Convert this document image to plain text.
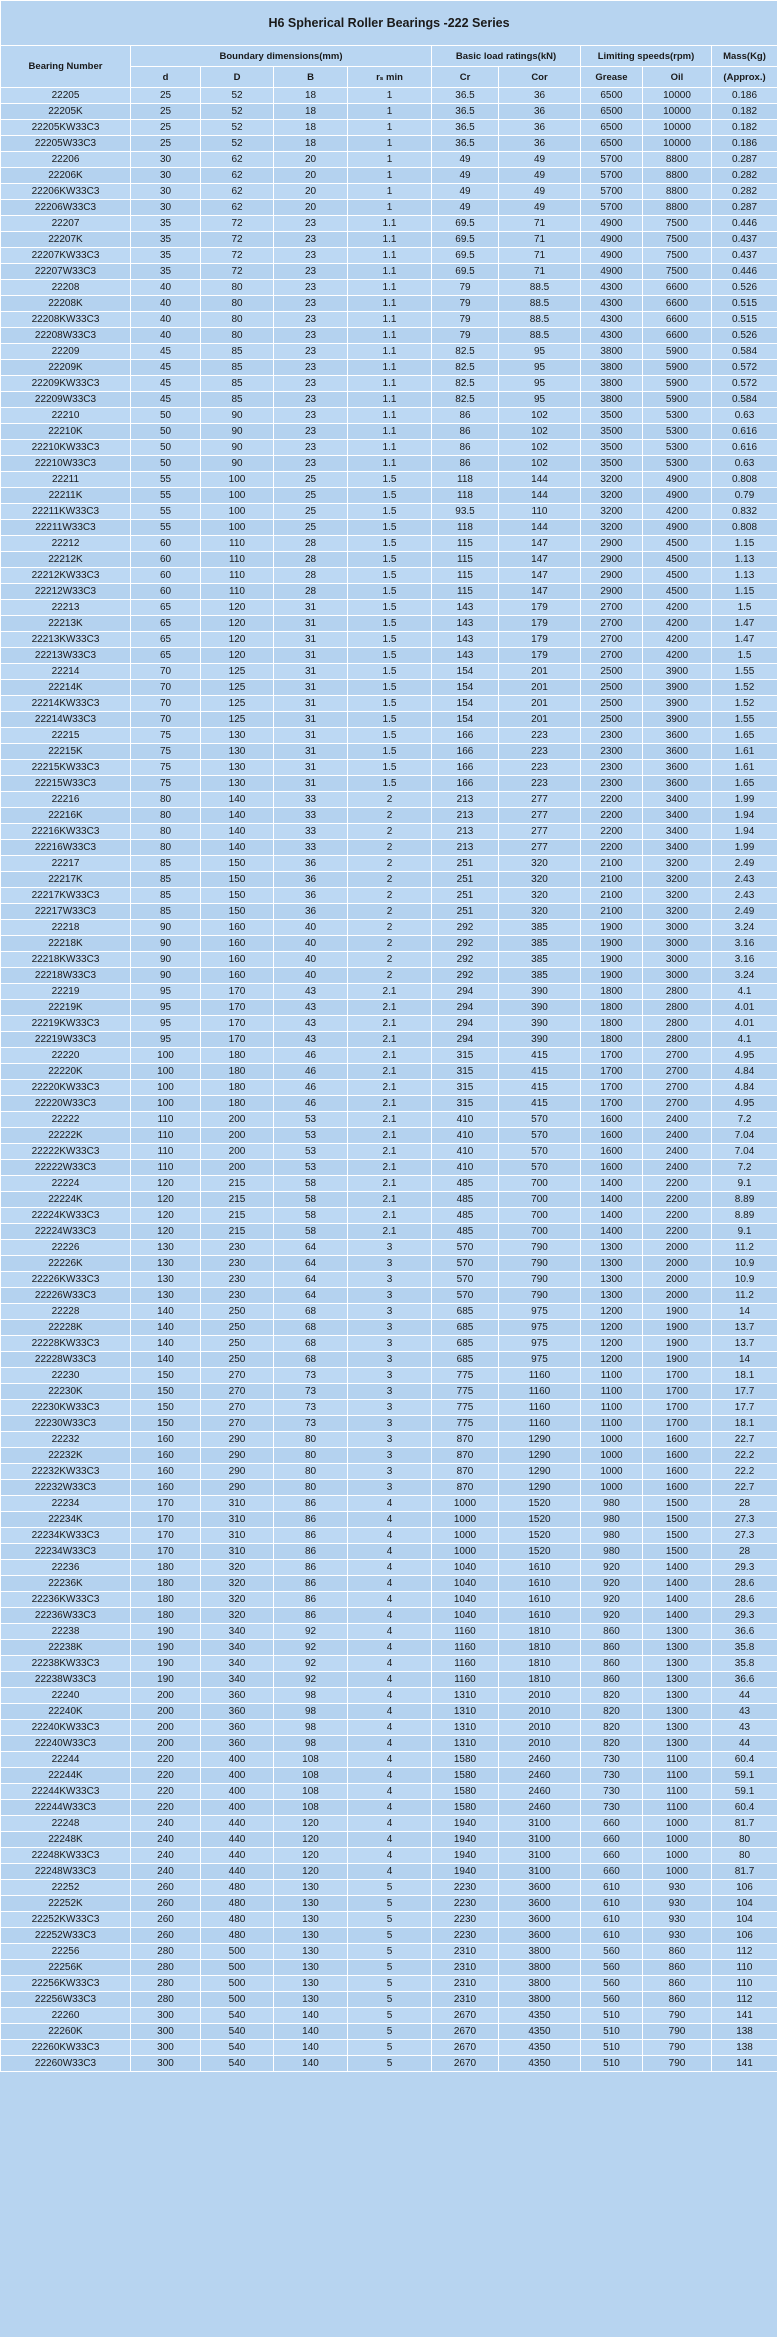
H6 Spherical Roller Bearings -222 Series									
Bearing Number	Boundary dimensions(mm)				Basic load ratings(kN)		Limiting speeds(rpm)		Mass(Kg)
	d	D	B	rₛ min	Cr	Cor	Grease	Oil	(Approx.)
22205	25	52	18	1	36.5	36	6500	10000	0.186
22205K	25	52	18	1	36.5	36	6500	10000	0.182
22205KW33C3	25	52	18	1	36.5	36	6500	10000	0.182
22205W33C3	25	52	18	1	36.5	36	6500	10000	0.186
22206	30	62	20	1	49	49	5700	8800	0.287
22206K	30	62	20	1	49	49	5700	8800	0.282
22206KW33C3	30	62	20	1	49	49	5700	8800	0.282
22206W33C3	30	62	20	1	49	49	5700	8800	0.287
22207	35	72	23	1.1	69.5	71	4900	7500	0.446
22207K	35	72	23	1.1	69.5	71	4900	7500	0.437
22207KW33C3	35	72	23	1.1	69.5	71	4900	7500	0.437
22207W33C3	35	72	23	1.1	69.5	71	4900	7500	0.446
22208	40	80	23	1.1	79	88.5	4300	6600	0.526
22208K	40	80	23	1.1	79	88.5	4300	6600	0.515
22208KW33C3	40	80	23	1.1	79	88.5	4300	6600	0.515
22208W33C3	40	80	23	1.1	79	88.5	4300	6600	0.526
22209	45	85	23	1.1	82.5	95	3800	5900	0.584
22209K	45	85	23	1.1	82.5	95	3800	5900	0.572
22209KW33C3	45	85	23	1.1	82.5	95	3800	5900	0.572
22209W33C3	45	85	23	1.1	82.5	95	3800	5900	0.584
22210	50	90	23	1.1	86	102	3500	5300	0.63
22210K	50	90	23	1.1	86	102	3500	5300	0.616
22210KW33C3	50	90	23	1.1	86	102	3500	5300	0.616
22210W33C3	50	90	23	1.1	86	102	3500	5300	0.63
22211	55	100	25	1.5	118	144	3200	4900	0.808
22211K	55	100	25	1.5	118	144	3200	4900	0.79
22211KW33C3	55	100	25	1.5	93.5	110	3200	4200	0.832
22211W33C3	55	100	25	1.5	118	144	3200	4900	0.808
22212	60	110	28	1.5	115	147	2900	4500	1.15
22212K	60	110	28	1.5	115	147	2900	4500	1.13
22212KW33C3	60	110	28	1.5	115	147	2900	4500	1.13
22212W33C3	60	110	28	1.5	115	147	2900	4500	1.15
22213	65	120	31	1.5	143	179	2700	4200	1.5
22213K	65	120	31	1.5	143	179	2700	4200	1.47
22213KW33C3	65	120	31	1.5	143	179	2700	4200	1.47
22213W33C3	65	120	31	1.5	143	179	2700	4200	1.5
22214	70	125	31	1.5	154	201	2500	3900	1.55
22214K	70	125	31	1.5	154	201	2500	3900	1.52
22214KW33C3	70	125	31	1.5	154	201	2500	3900	1.52
22214W33C3	70	125	31	1.5	154	201	2500	3900	1.55
22215	75	130	31	1.5	166	223	2300	3600	1.65
22215K	75	130	31	1.5	166	223	2300	3600	1.61
22215KW33C3	75	130	31	1.5	166	223	2300	3600	1.61
22215W33C3	75	130	31	1.5	166	223	2300	3600	1.65
22216	80	140	33	2	213	277	2200	3400	1.99
22216K	80	140	33	2	213	277	2200	3400	1.94
22216KW33C3	80	140	33	2	213	277	2200	3400	1.94
22216W33C3	80	140	33	2	213	277	2200	3400	1.99
22217	85	150	36	2	251	320	2100	3200	2.49
22217K	85	150	36	2	251	320	2100	3200	2.43
22217KW33C3	85	150	36	2	251	320	2100	3200	2.43
22217W33C3	85	150	36	2	251	320	2100	3200	2.49
22218	90	160	40	2	292	385	1900	3000	3.24
22218K	90	160	40	2	292	385	1900	3000	3.16
22218KW33C3	90	160	40	2	292	385	1900	3000	3.16
22218W33C3	90	160	40	2	292	385	1900	3000	3.24
22219	95	170	43	2.1	294	390	1800	2800	4.1
22219K	95	170	43	2.1	294	390	1800	2800	4.01
22219KW33C3	95	170	43	2.1	294	390	1800	2800	4.01
22219W33C3	95	170	43	2.1	294	390	1800	2800	4.1
22220	100	180	46	2.1	315	415	1700	2700	4.95
22220K	100	180	46	2.1	315	415	1700	2700	4.84
22220KW33C3	100	180	46	2.1	315	415	1700	2700	4.84
22220W33C3	100	180	46	2.1	315	415	1700	2700	4.95
22222	110	200	53	2.1	410	570	1600	2400	7.2
22222K	110	200	53	2.1	410	570	1600	2400	7.04
22222KW33C3	110	200	53	2.1	410	570	1600	2400	7.04
22222W33C3	110	200	53	2.1	410	570	1600	2400	7.2
22224	120	215	58	2.1	485	700	1400	2200	9.1
22224K	120	215	58	2.1	485	700	1400	2200	8.89
22224KW33C3	120	215	58	2.1	485	700	1400	2200	8.89
22224W33C3	120	215	58	2.1	485	700	1400	2200	9.1
22226	130	230	64	3	570	790	1300	2000	11.2
22226K	130	230	64	3	570	790	1300	2000	10.9
22226KW33C3	130	230	64	3	570	790	1300	2000	10.9
22226W33C3	130	230	64	3	570	790	1300	2000	11.2
22228	140	250	68	3	685	975	1200	1900	14
22228K	140	250	68	3	685	975	1200	1900	13.7
22228KW33C3	140	250	68	3	685	975	1200	1900	13.7
22228W33C3	140	250	68	3	685	975	1200	1900	14
22230	150	270	73	3	775	1160	1100	1700	18.1
22230K	150	270	73	3	775	1160	1100	1700	17.7
22230KW33C3	150	270	73	3	775	1160	1100	1700	17.7
22230W33C3	150	270	73	3	775	1160	1100	1700	18.1
22232	160	290	80	3	870	1290	1000	1600	22.7
22232K	160	290	80	3	870	1290	1000	1600	22.2
22232KW33C3	160	290	80	3	870	1290	1000	1600	22.2
22232W33C3	160	290	80	3	870	1290	1000	1600	22.7
22234	170	310	86	4	1000	1520	980	1500	28
22234K	170	310	86	4	1000	1520	980	1500	27.3
22234KW33C3	170	310	86	4	1000	1520	980	1500	27.3
22234W33C3	170	310	86	4	1000	1520	980	1500	28
22236	180	320	86	4	1040	1610	920	1400	29.3
22236K	180	320	86	4	1040	1610	920	1400	28.6
22236KW33C3	180	320	86	4	1040	1610	920	1400	28.6
22236W33C3	180	320	86	4	1040	1610	920	1400	29.3
22238	190	340	92	4	1160	1810	860	1300	36.6
22238K	190	340	92	4	1160	1810	860	1300	35.8
22238KW33C3	190	340	92	4	1160	1810	860	1300	35.8
22238W33C3	190	340	92	4	1160	1810	860	1300	36.6
22240	200	360	98	4	1310	2010	820	1300	44
22240K	200	360	98	4	1310	2010	820	1300	43
22240KW33C3	200	360	98	4	1310	2010	820	1300	43
22240W33C3	200	360	98	4	1310	2010	820	1300	44
22244	220	400	108	4	1580	2460	730	1100	60.4
22244K	220	400	108	4	1580	2460	730	1100	59.1
22244KW33C3	220	400	108	4	1580	2460	730	1100	59.1
22244W33C3	220	400	108	4	1580	2460	730	1100	60.4
22248	240	440	120	4	1940	3100	660	1000	81.7
22248K	240	440	120	4	1940	3100	660	1000	80
22248KW33C3	240	440	120	4	1940	3100	660	1000	80
22248W33C3	240	440	120	4	1940	3100	660	1000	81.7
22252	260	480	130	5	2230	3600	610	930	106
22252K	260	480	130	5	2230	3600	610	930	104
22252KW33C3	260	480	130	5	2230	3600	610	930	104
22252W33C3	260	480	130	5	2230	3600	610	930	106
22256	280	500	130	5	2310	3800	560	860	112
22256K	280	500	130	5	2310	3800	560	860	110
22256KW33C3	280	500	130	5	2310	3800	560	860	110
22256W33C3	280	500	130	5	2310	3800	560	860	112
22260	300	540	140	5	2670	4350	510	790	141
22260K	300	540	140	5	2670	4350	510	790	138
22260KW33C3	300	540	140	5	2670	4350	510	790	138
22260W33C3	300	540	140	5	2670	4350	510	790	141
